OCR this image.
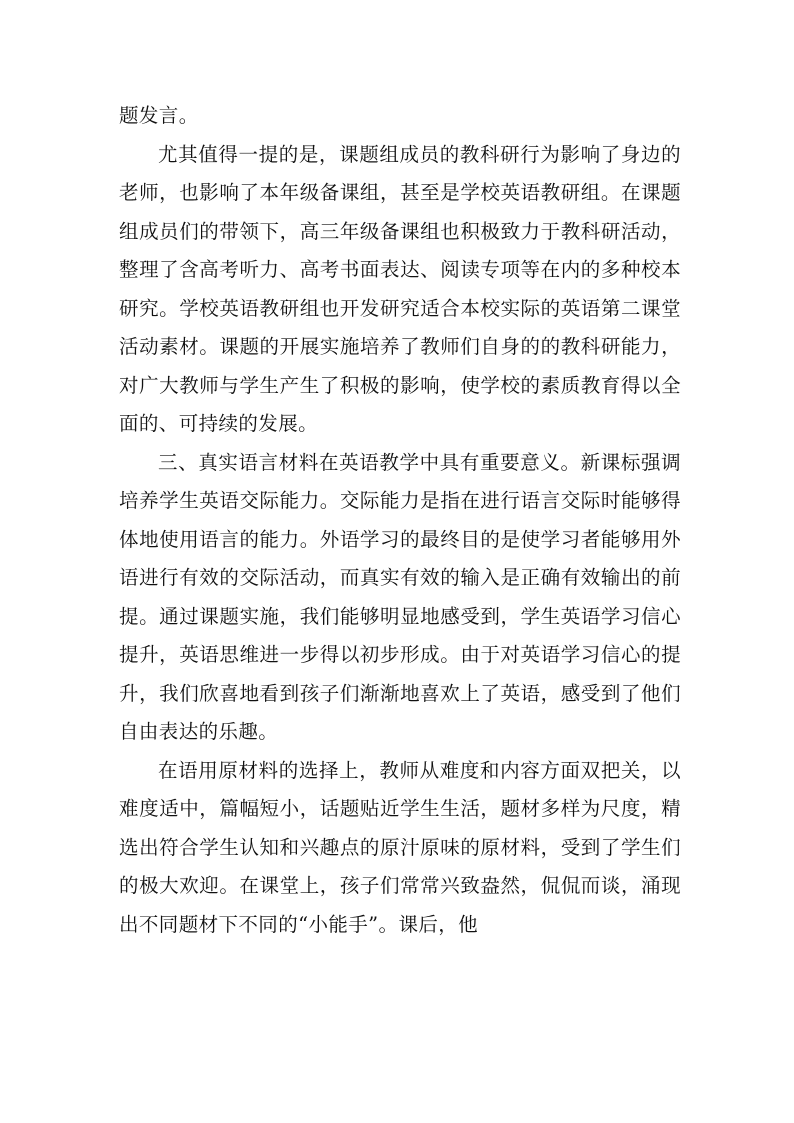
题发言。

尤其值得一提的是，课题组成员的教科研行为影响了身边的老师，也影响了本年级备课组，甚至是学校英语教研组。在课题组成员们的带领下，高三年级备课组也积极致力于教科研活动，整理了含高考听力、高考书面表达、阅读专项等在内的多种校本研究。学校英语教研组也开发研究适合本校实际的英语第二课堂活动素材。课题的开展实施培养了教师们自身的的教科研能力，对广大教师与学生产生了积极的影响，使学校的素质教育得以全面的、可持续的发展。

三、真实语言材料在英语教学中具有重要意义。新课标强调培养学生英语交际能力。交际能力是指在进行语言交际时能够得体地使用语言的能力。外语学习的最终目的是使学习者能够用外语进行有效的交际活动，而真实有效的输入是正确有效输出的前提。通过课题实施，我们能够明显地感受到，学生英语学习信心提升，英语思维进一步得以初步形成。由于对英语学习信心的提升，我们欣喜地看到孩子们渐渐地喜欢上了英语，感受到了他们自由表达的乐趣。

在语用原材料的选择上，教师从难度和内容方面双把关，以难度适中，篇幅短小，话题贴近学生生活，题材多样为尺度，精选出符合学生认知和兴趣点的原汁原味的原材料，受到了学生们的极大欢迎。在课堂上，孩子们常常兴致盎然，侃侃而谈，涌现出不同题材下不同的“小能手”。课后，他
